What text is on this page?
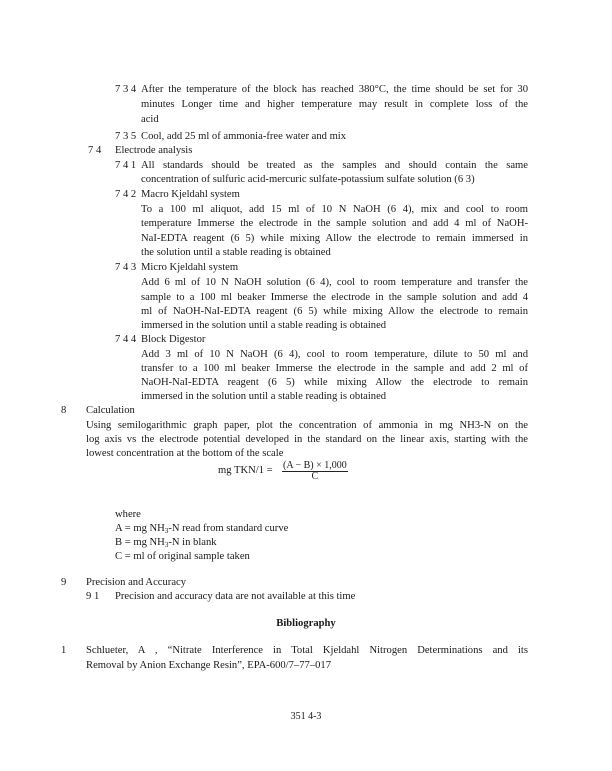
7 3 4 After the temperature of the block has reached 380°C, the time should be set for 30
minutes Longer time and higher temperature may result in complete loss of the
acid
7 3 5 Cool, add 25 ml of ammonia-free water and mix
7 4 Electrode analysis
7 4 1 All standards should be treated as the samples and should contain the same
concentration of sulfuric acid-mercuric sulfate-potassium sulfate solution (6 3)
7 4 2 Macro Kjeldahl system
To a 100 ml aliquot, add 15 ml of 10 N NaOH (6 4), mix and cool to room
temperature Immerse the electrode in the sample solution and add 4 ml of NaOH-
NaI-EDTA reagent (6 5) while mixing Allow the electrode to remain immersed in
the solution until a stable reading is obtained
7 4 3 Micro Kjeldahl system
Add 6 ml of 10 N NaOH solution (6 4), cool to room temperature and transfer the
sample to a 100 ml beaker Immerse the electrode in the sample solution and add 4
ml of NaOH-NaI-EDTA reagent (6 5) while mixing Allow the electrode to remain
immersed in the solution until a stable reading is obtained
7 4 4 Block Digestor
Add 3 ml of 10 N NaOH (6 4), cool to room temperature, dilute to 50 ml and
transfer to a 100 ml beaker Immerse the electrode in the sample and add 2 ml of
NaOH-NaI-EDTA reagent (6 5) while mixing Allow the electrode to remain
immersed in the solution until a stable reading is obtained
8 Calculation
Using semilogarithmic graph paper, plot the concentration of ammonia in mg NH3-N on the
log axis vs the electrode potential developed in the standard on the linear axis, starting with the
lowest concentration at the bottom of the scale
mg $TKN/1 = \frac{(A - B) \times 1,000}{C}$
where
A = mg $NH_3-N$ read from standard curve
B = mg $NH_3-N$ in blank
C = ml of original sample taken
9 Precision and Accuracy
9 1 Precision and accuracy data are not available at this time
Bibliography
1 Schlueter, A , “Nitrate Interference in Total Kjeldahl Nitrogen Determinations and its
Removal by Anion Exchange Resin”, EPA-600/7–77–017
351 4-3
